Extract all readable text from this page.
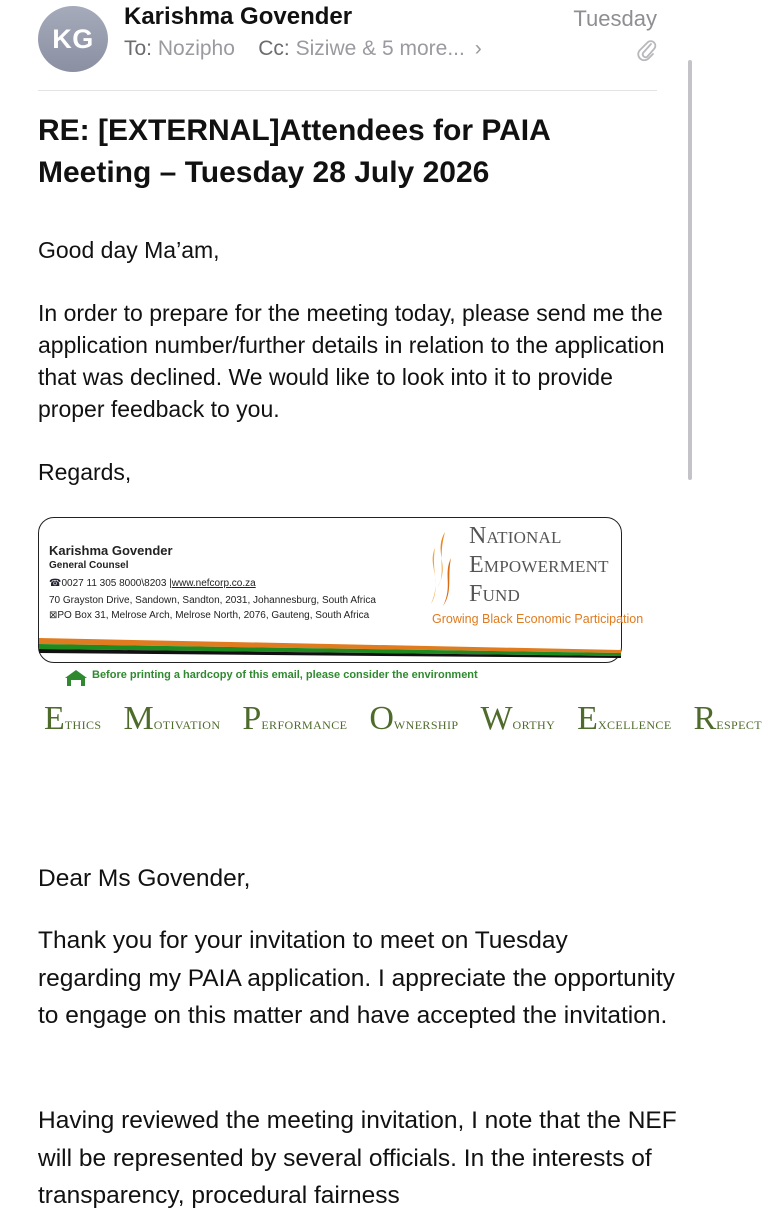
KG
Karishma Govender	Tuesday
To: Nozipho Cc: Siziwe & 5 more... ›
RE: [EXTERNAL]Attendees for PAIA Meeting – Tuesday 28 July 2026

Good day Ma’am,

In order to prepare for the meeting today, please send me the application number/further details in relation to the application that was declined. We would like to look into it to provide proper feedback to you.

Regards,

Karishma Govender
General Counsel
☎0027 11 305 8000\8203 |www.nefcorp.co.za
70 Grayston Drive, Sandown, Sandton, 2031, Johannesburg, South Africa
⊠PO Box 31, Melrose Arch, Melrose North, 2076, Gauteng, South Africa
NATIONAL
EMPOWERMENT
FUND
Growing Black Economic Participation
Before printing a hardcopy of this email, please consider the environment
ETHICS MOTIVATION PERFORMANCE OWNERSHIP WORTHY EXCELLENCE RESPECT

Dear Ms Govender,

Thank you for your invitation to meet on Tuesday regarding my PAIA application. I appreciate the opportunity to engage on this matter and have accepted the invitation.

Having reviewed the meeting invitation, I note that the NEF will be represented by several officials. In the interests of transparency, procedural fairness
